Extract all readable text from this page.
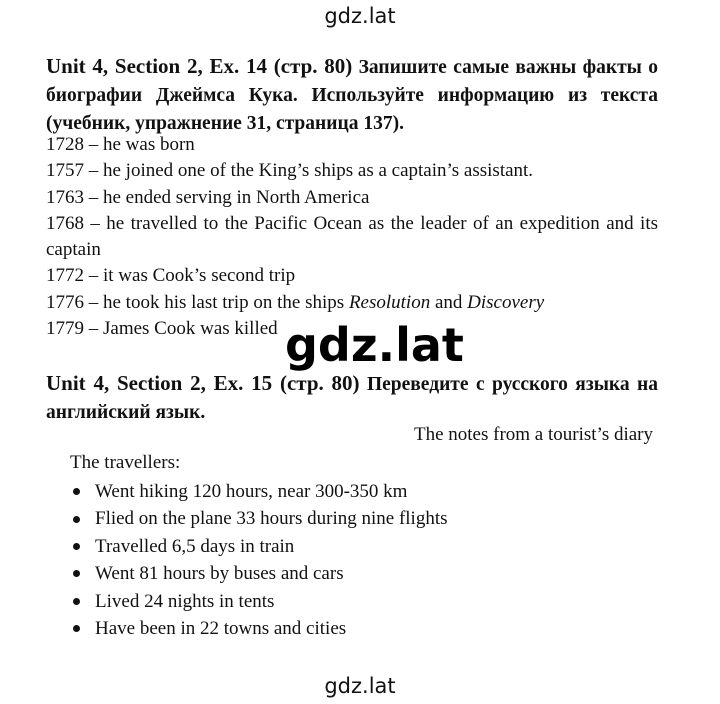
gdz.lat
Unit 4, Section 2, Ex. 14 (стр. 80) Запишите самые важны факты о биографии Джеймса Кука. Используйте информацию из текста (учебник, упражнение 31, страница 137).
1728 – he was born
1757 – he joined one of the King’s ships as a captain’s assistant.
1763 – he ended serving in North America
1768 – he travelled to the Pacific Ocean as the leader of an expedition and its captain
1772 – it was Cook’s second trip
1776 – he took his last trip on the ships Resolution and Discovery
1779 – James Cook was killed gdz.lat
Unit 4, Section 2, Ex. 15 (стр. 80) Переведите с русского языка на английский язык.
The notes from a tourist’s diary
The travellers:
Went hiking 120 hours, near 300-350 km
Flied on the plane 33 hours during nine flights
Travelled 6,5 days in train
Went 81 hours by buses and cars
Lived 24 nights in tents
Have been in 22 towns and cities
gdz.lat
